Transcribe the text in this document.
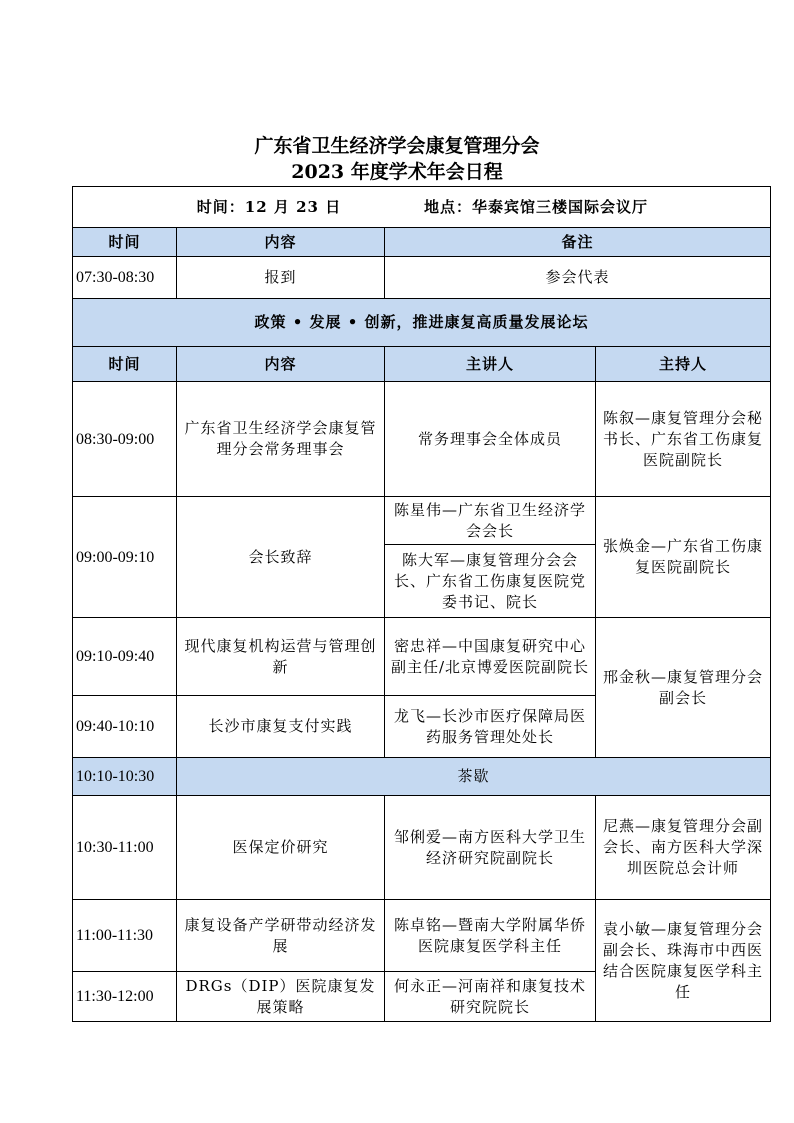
广东省卫生经济学会康复管理分会
2023 年度学术年会日程
时间：12 月 23 日 地点：华泰宾馆三楼国际会议厅			

时间	内容	备注	
07:30-08:30	报到	参会代表	
政策 • 发展 • 创新，推进康复高质量发展论坛			
时间	内容	主讲人	主持人
08:30-09:00	广东省卫生经济学会康复管理分会常务理事会	常务理事会全体成员	陈叙—康复管理分会秘书长、广东省工伤康复医院副院长
09:00-09:10	会长致辞	陈星伟—广东省卫生经济学会会长	张焕金—广东省工伤康复医院副院长
		陈大军—康复管理分会会长、广东省工伤康复医院党委书记、院长	
09:10-09:40	现代康复机构运营与管理创新	密忠祥—中国康复研究中心副主任/北京博爱医院副院长	邢金秋—康复管理分会副会长
09:40-10:10	长沙市康复支付实践	龙飞—长沙市医疗保障局医药服务管理处处长	
10:10-10:30	茶歇		
10:30-11:00	医保定价研究	邹俐爱—南方医科大学卫生经济研究院副院长	尼燕—康复管理分会副会长、南方医科大学深圳医院总会计师
11:00-11:30	康复设备产学研带动经济发展	陈卓铭—暨南大学附属华侨医院康复医学科主任	袁小敏—康复管理分会副会长、珠海市中西医结合医院康复医学科主任
11:30-12:00	DRGs（DIP）医院康复发展策略	何永正—河南祥和康复技术研究院院长	
